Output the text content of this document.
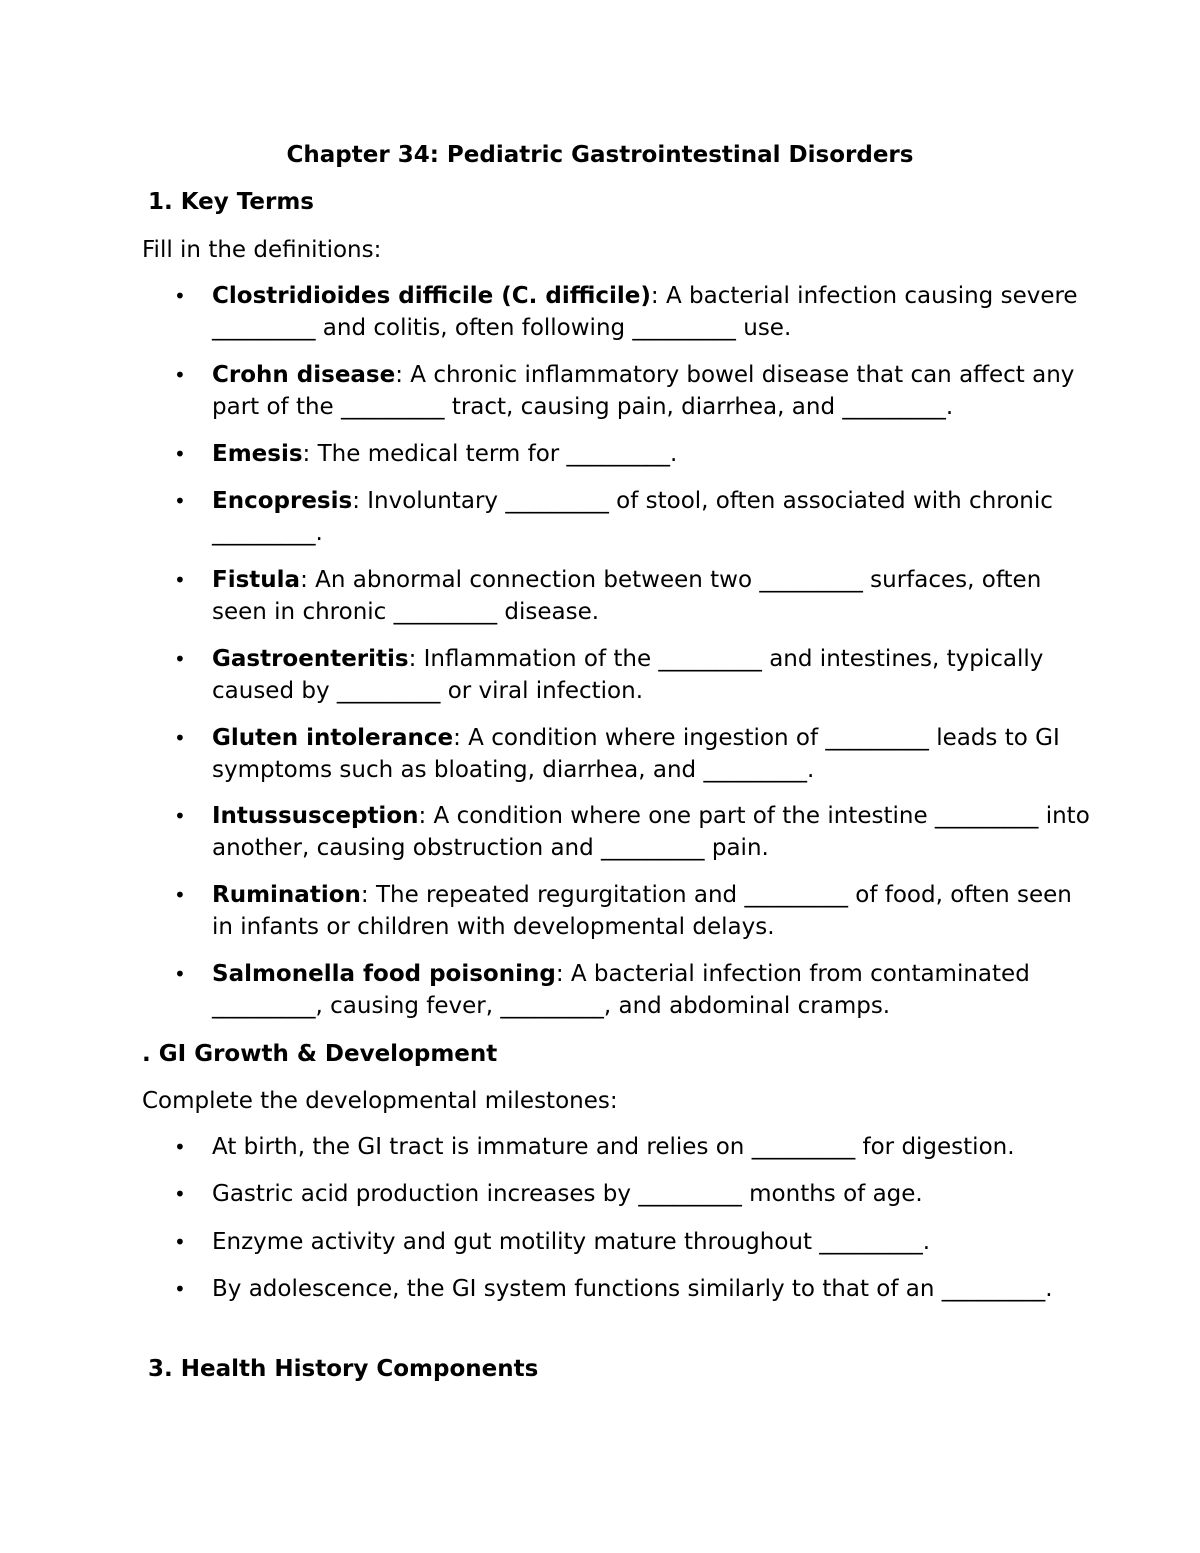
Chapter 34: Pediatric Gastrointestinal Disorders
1. Key Terms
Fill in the definitions:
• Clostridioides difficile (C. difficile): A bacterial infection causing severe _________ and colitis, often following _________ use.
• Crohn disease: A chronic inflammatory bowel disease that can affect any part of the _________ tract, causing pain, diarrhea, and _________.
• Emesis: The medical term for _________.
• Encopresis: Involuntary _________ of stool, often associated with chronic _________.
• Fistula: An abnormal connection between two _________ surfaces, often seen in chronic _________ disease.
• Gastroenteritis: Inflammation of the _________ and intestines, typically caused by _________ or viral infection.
• Gluten intolerance: A condition where ingestion of _________ leads to GI symptoms such as bloating, diarrhea, and _________.
• Intussusception: A condition where one part of the intestine _________ into another, causing obstruction and _________ pain.
• Rumination: The repeated regurgitation and _________ of food, often seen in infants or children with developmental delays.
• Salmonella food poisoning: A bacterial infection from contaminated _________, causing fever, _________, and abdominal cramps.
. GI Growth & Development
Complete the developmental milestones:
• At birth, the GI tract is immature and relies on _________ for digestion.
• Gastric acid production increases by _________ months of age.
• Enzyme activity and gut motility mature throughout _________.
• By adolescence, the GI system functions similarly to that of an _________.
3. Health History Components
